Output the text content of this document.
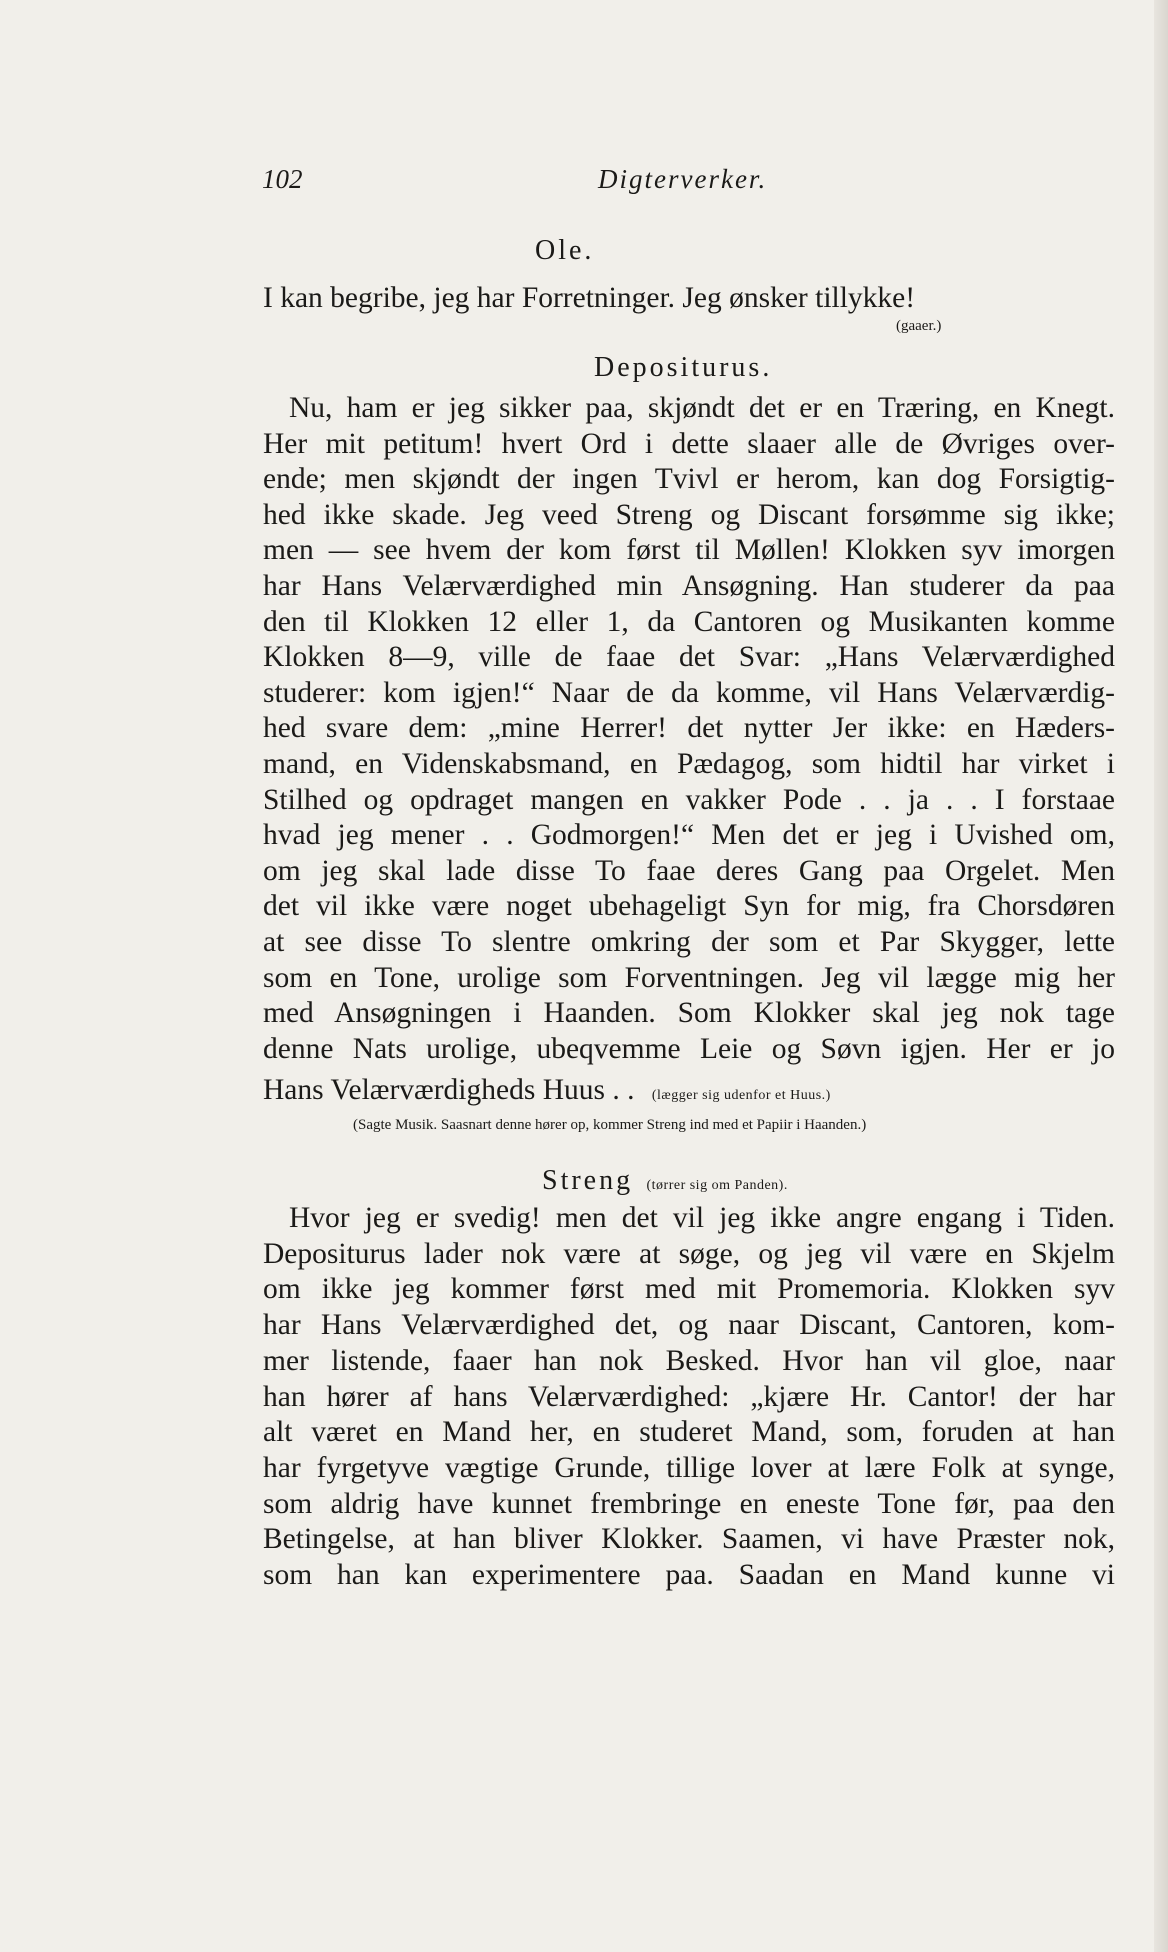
102	Digterverker.
Ole.
I kan begribe, jeg har Forretninger. Jeg ønsker tillykke!
(gaaer.)
Depositurus.
Nu, ham er jeg sikker paa, skjøndt det er en Træring, en Knegt.
Her mit petitum! hvert Ord i dette slaaer alle de Øvriges over-
ende; men skjøndt der ingen Tvivl er herom, kan dog Forsigtig-
hed ikke skade. Jeg veed Streng og Discant forsømme sig ikke;
men — see hvem der kom først til Møllen! Klokken syv imorgen
har Hans Velærværdighed min Ansøgning. Han studerer da paa
den til Klokken 12 eller 1, da Cantoren og Musikanten komme
Klokken 8—9, ville de faae det Svar: „Hans Velærværdighed
studerer: kom igjen!“ Naar de da komme, vil Hans Velærværdig-
hed svare dem: „mine Herrer! det nytter Jer ikke: en Hæders-
mand, en Videnskabsmand, en Pædagog, som hidtil har virket i
Stilhed og opdraget mangen en vakker Pode . . ja . . I forstaae
hvad jeg mener . . Godmorgen!“ Men det er jeg i Uvished om,
om jeg skal lade disse To faae deres Gang paa Orgelet. Men
det vil ikke være noget ubehageligt Syn for mig, fra Chorsdøren
at see disse To slentre omkring der som et Par Skygger, lette
som en Tone, urolige som Forventningen. Jeg vil lægge mig her
med Ansøgningen i Haanden. Som Klokker skal jeg nok tage
denne Nats urolige, ubeqvemme Leie og Søvn igjen. Her er jo
Hans Velærværdigheds Huus . . (lægger sig udenfor et Huus.)
(Sagte Musik. Saasnart denne hører op, kommer Streng ind med et Papiir i Haanden.)
Streng (tørrer sig om Panden).
Hvor jeg er svedig! men det vil jeg ikke angre engang i Tiden.
Depositurus lader nok være at søge, og jeg vil være en Skjelm
om ikke jeg kommer først med mit Promemoria. Klokken syv
har Hans Velærværdighed det, og naar Discant, Cantoren, kom-
mer listende, faaer han nok Besked. Hvor han vil gloe, naar
han hører af hans Velærværdighed: „kjære Hr. Cantor! der har
alt været en Mand her, en studeret Mand, som, foruden at han
har fyrgetyve vægtige Grunde, tillige lover at lære Folk at synge,
som aldrig have kunnet frembringe en eneste Tone før, paa den
Betingelse, at han bliver Klokker. Saamen, vi have Præster nok,
som han kan experimentere paa. Saadan en Mand kunne vi
